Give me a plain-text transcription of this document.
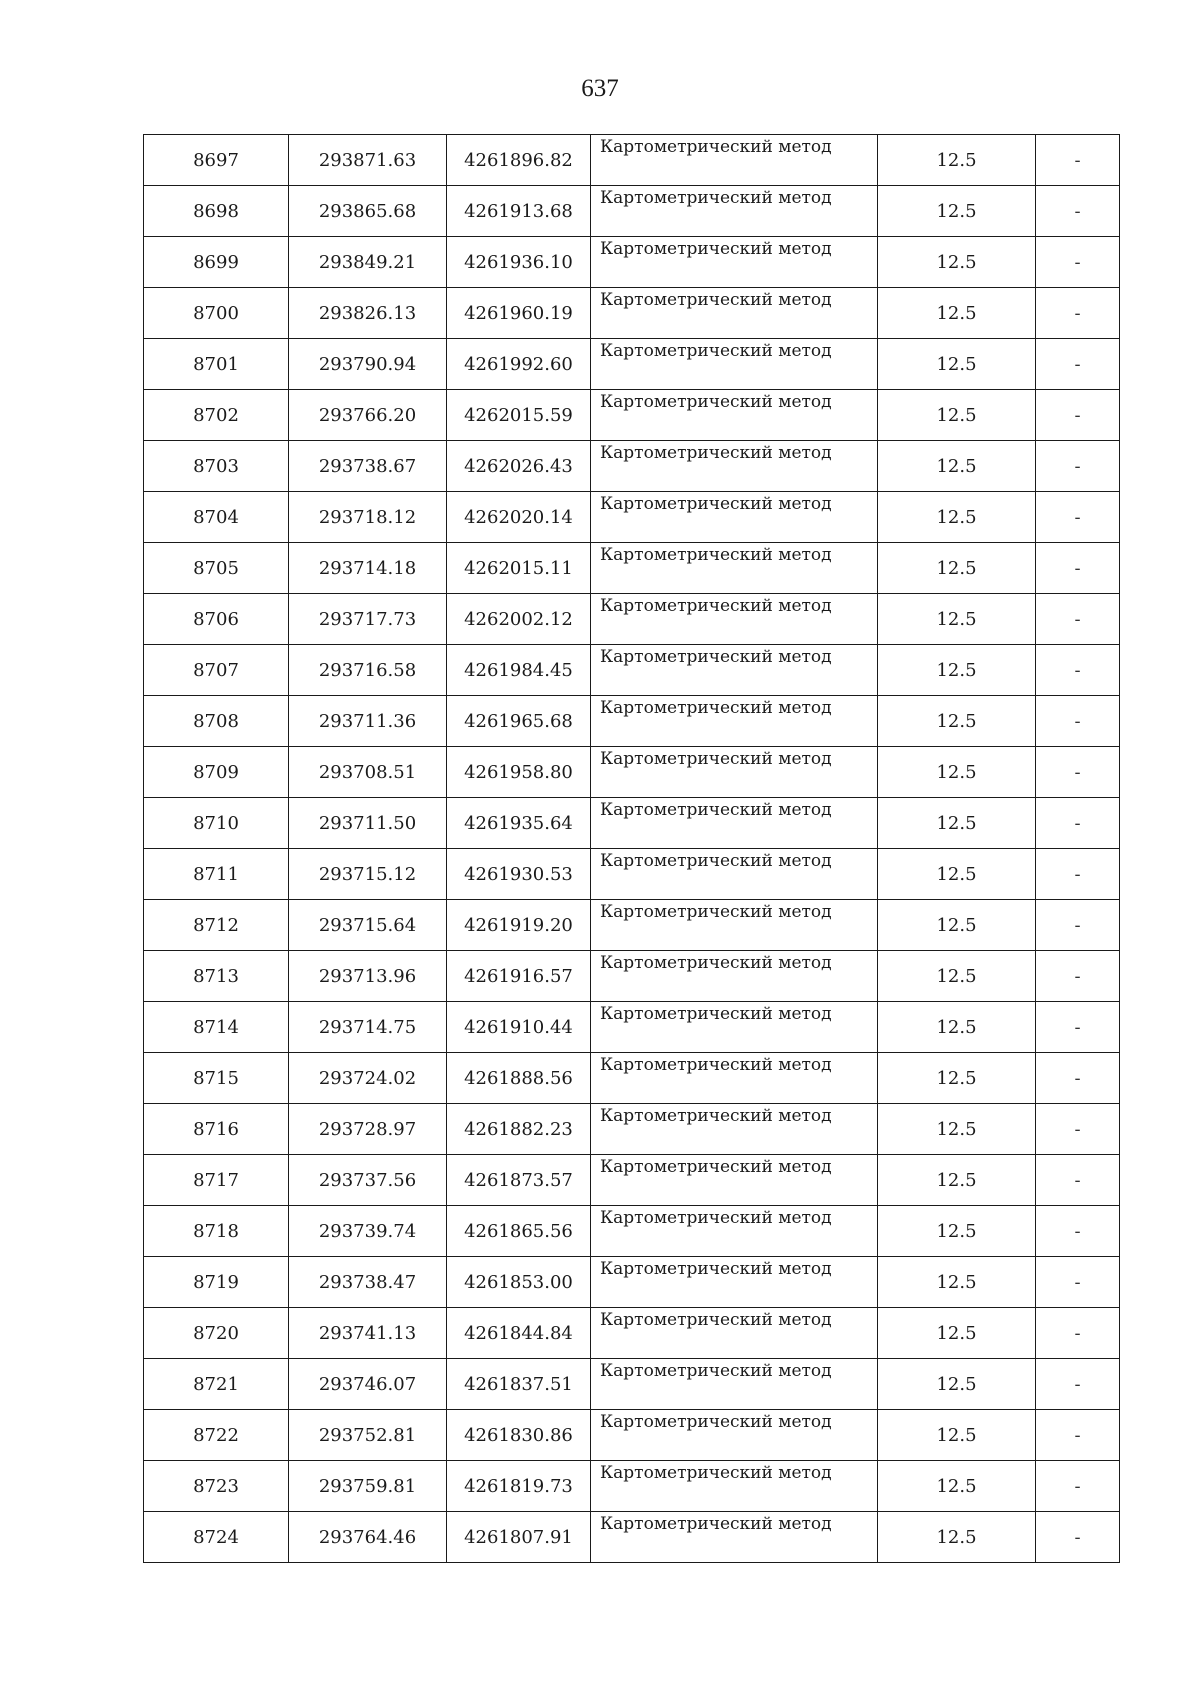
637
8697	293871.63	4261896.82	Картометрический метод	12.5	-
8698	293865.68	4261913.68	Картометрический метод	12.5	-
8699	293849.21	4261936.10	Картометрический метод	12.5	-
8700	293826.13	4261960.19	Картометрический метод	12.5	-
8701	293790.94	4261992.60	Картометрический метод	12.5	-
8702	293766.20	4262015.59	Картометрический метод	12.5	-
8703	293738.67	4262026.43	Картометрический метод	12.5	-
8704	293718.12	4262020.14	Картометрический метод	12.5	-
8705	293714.18	4262015.11	Картометрический метод	12.5	-
8706	293717.73	4262002.12	Картометрический метод	12.5	-
8707	293716.58	4261984.45	Картометрический метод	12.5	-
8708	293711.36	4261965.68	Картометрический метод	12.5	-
8709	293708.51	4261958.80	Картометрический метод	12.5	-
8710	293711.50	4261935.64	Картометрический метод	12.5	-
8711	293715.12	4261930.53	Картометрический метод	12.5	-
8712	293715.64	4261919.20	Картометрический метод	12.5	-
8713	293713.96	4261916.57	Картометрический метод	12.5	-
8714	293714.75	4261910.44	Картометрический метод	12.5	-
8715	293724.02	4261888.56	Картометрический метод	12.5	-
8716	293728.97	4261882.23	Картометрический метод	12.5	-
8717	293737.56	4261873.57	Картометрический метод	12.5	-
8718	293739.74	4261865.56	Картометрический метод	12.5	-
8719	293738.47	4261853.00	Картометрический метод	12.5	-
8720	293741.13	4261844.84	Картометрический метод	12.5	-
8721	293746.07	4261837.51	Картометрический метод	12.5	-
8722	293752.81	4261830.86	Картометрический метод	12.5	-
8723	293759.81	4261819.73	Картометрический метод	12.5	-
8724	293764.46	4261807.91	Картометрический метод	12.5	-
